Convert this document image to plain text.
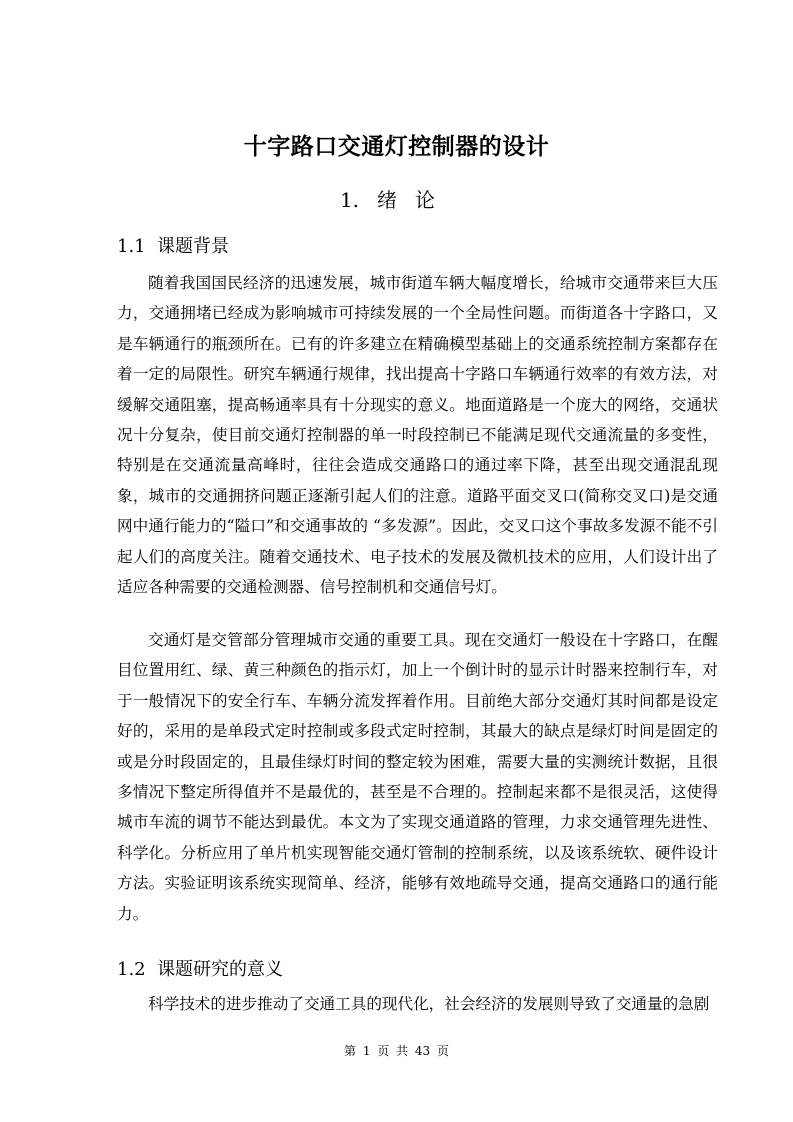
十字路口交通灯控制器的设计
1. 绪论
1.1 课题背景

随着我国国民经济的迅速发展，城市街道车辆大幅度增长，给城市交通带来巨大压力，交通拥堵已经成为影响城市可持续发展的一个全局性问题。而街道各十字路口，又是车辆通行的瓶颈所在。已有的许多建立在精确模型基础上的交通系统控制方案都存在着一定的局限性。研究车辆通行规律，找出提高十字路口车辆通行效率的有效方法，对缓解交通阻塞，提高畅通率具有十分现实的意义。地面道路是一个庞大的网络，交通状况十分复杂，使目前交通灯控制器的单一时段控制已不能满足现代交通流量的多变性，特别是在交通流量高峰时，往往会造成交通路口的通过率下降，甚至出现交通混乱现象，城市的交通拥挤问题正逐渐引起人们的注意。道路平面交叉口(简称交叉口)是交通网中通行能力的“隘口”和交通事故的 “多发源”。因此，交叉口这个事故多发源不能不引起人们的高度关注。随着交通技术、电子技术的发展及微机技术的应用，人们设计出了适应各种需要的交通检测器、信号控制机和交通信号灯。

交通灯是交管部分管理城市交通的重要工具。现在交通灯一般设在十字路口，在醒目位置用红、绿、黄三种颜色的指示灯，加上一个倒计时的显示计时器来控制行车，对于一般情况下的安全行车、车辆分流发挥着作用。目前绝大部分交通灯其时间都是设定好的，采用的是单段式定时控制或多段式定时控制，其最大的缺点是绿灯时间是固定的或是分时段固定的，且最佳绿灯时间的整定较为困难，需要大量的实测统计数据，且很多情况下整定所得值并不是最优的，甚至是不合理的。控制起来都不是很灵活，这使得城市车流的调节不能达到最优。本文为了实现交通道路的管理，力求交通管理先进性、科学化。分析应用了单片机实现智能交通灯管制的控制系统，以及该系统软、硬件设计方法。实验证明该系统实现简单、经济，能够有效地疏导交通，提高交通路口的通行能力。

1.2 课题研究的意义

科学技术的进步推动了交通工具的现代化，社会经济的发展则导致了交通量的急剧

第 1 页 共 43 页
